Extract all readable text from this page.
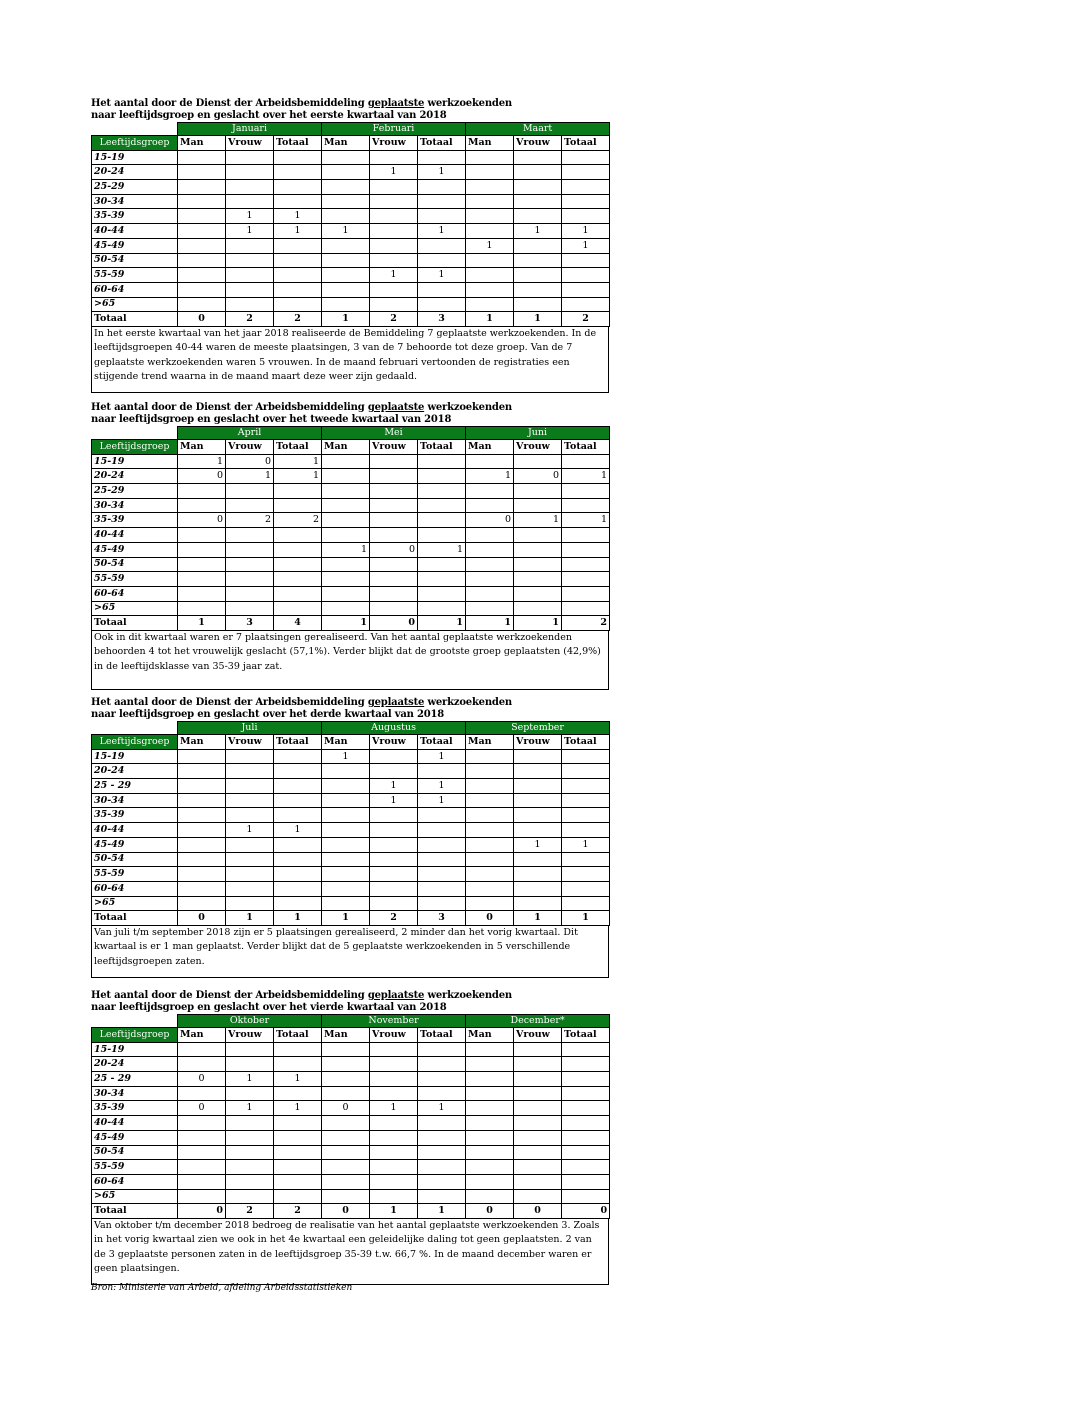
Het aantal door de Dienst der Arbeidsbemiddeling geplaatste werkzoekenden
naar leeftijdsgroep en geslacht over het eerste kwartaal van 2018
	Januari			Februari			Maart		
Leeftijdsgroep	Man	Vrouw	Totaal	Man	Vrouw	Totaal	Man	Vrouw	Totaal
15-19									
20-24					1	1			
25-29									
30-34									
35-39		1	1						
40-44		1	1	1		1		1	1
45-49							1		1
50-54									
55-59					1	1			
60-64									
>65									
Totaal	0	2	2	1	2	3	1	1	2
In het eerste kwartaal van het jaar 2018 realiseerde de Bemiddeling 7 geplaatste werkzoekenden. In de leeftijdsgroepen 40-44 waren de meeste plaatsingen, 3 van de 7 behoorde tot deze groep. Van de 7 geplaatste werkzoekenden waren 5 vrouwen. In de maand februari vertoonden de registraties een stijgende trend waarna in de maand maart deze weer zijn gedaald.
Het aantal door de Dienst der Arbeidsbemiddeling geplaatste werkzoekenden
naar leeftijdsgroep en geslacht over het tweede kwartaal van 2018
	April			Mei			Juni		
Leeftijdsgroep	Man	Vrouw	Totaal	Man	Vrouw	Totaal	Man	Vrouw	Totaal
15-19	1	0	1						
20-24	0	1	1				1	0	1
25-29									
30-34									
35-39	0	2	2				0	1	1
40-44									
45-49				1	0	1			
50-54									
55-59									
60-64									
>65									
Totaal	1	3	4	1	0	1	1	1	2
Ook in dit kwartaal waren er 7 plaatsingen gerealiseerd. Van het aantal geplaatste werkzoekenden behoorden 4 tot het vrouwelijk geslacht (57,1%). Verder blijkt dat de grootste groep geplaatsten (42,9%) in de leeftijdsklasse van 35-39 jaar zat.
Het aantal door de Dienst der Arbeidsbemiddeling geplaatste werkzoekenden
naar leeftijdsgroep en geslacht over het derde kwartaal van 2018
	Juli			Augustus			September		
Leeftijdsgroep	Man	Vrouw	Totaal	Man	Vrouw	Totaal	Man	Vrouw	Totaal
15-19				1		1			
20-24									
25 - 29					1	1			
30-34					1	1			
35-39									
40-44		1	1						
45-49								1	1
50-54									
55-59									
60-64									
>65									
Totaal	0	1	1	1	2	3	0	1	1
Van juli t/m september 2018 zijn er 5 plaatsingen gerealiseerd, 2 minder dan het vorig kwartaal. Dit kwartaal is er 1 man geplaatst. Verder blijkt dat de 5 geplaatste werkzoekenden in 5 verschillende leeftijdsgroepen zaten.
Het aantal door de Dienst der Arbeidsbemiddeling geplaatste werkzoekenden
naar leeftijdsgroep en geslacht over het vierde kwartaal van 2018
	Oktober			November			December*		
Leeftijdsgroep	Man	Vrouw	Totaal	Man	Vrouw	Totaal	Man	Vrouw	Totaal
15-19									
20-24									
25 - 29	0	1	1						
30-34									
35-39	0	1	1	0	1	1			
40-44									
45-49									
50-54									
55-59									
60-64									
>65									
Totaal	0	2	2	0	1	1	0	0	0
Van oktober t/m december 2018 bedroeg de realisatie van het aantal geplaatste werkzoekenden 3. Zoals in het vorig kwartaal zien we ook in het 4e kwartaal een geleidelijke daling tot geen geplaatsten. 2 van de 3 geplaatste personen zaten in de leeftijdsgroep 35-39 t.w. 66,7 %. In de maand december waren er geen plaatsingen.
Bron: Ministerie van Arbeid, afdeling Arbeidsstatistieken
